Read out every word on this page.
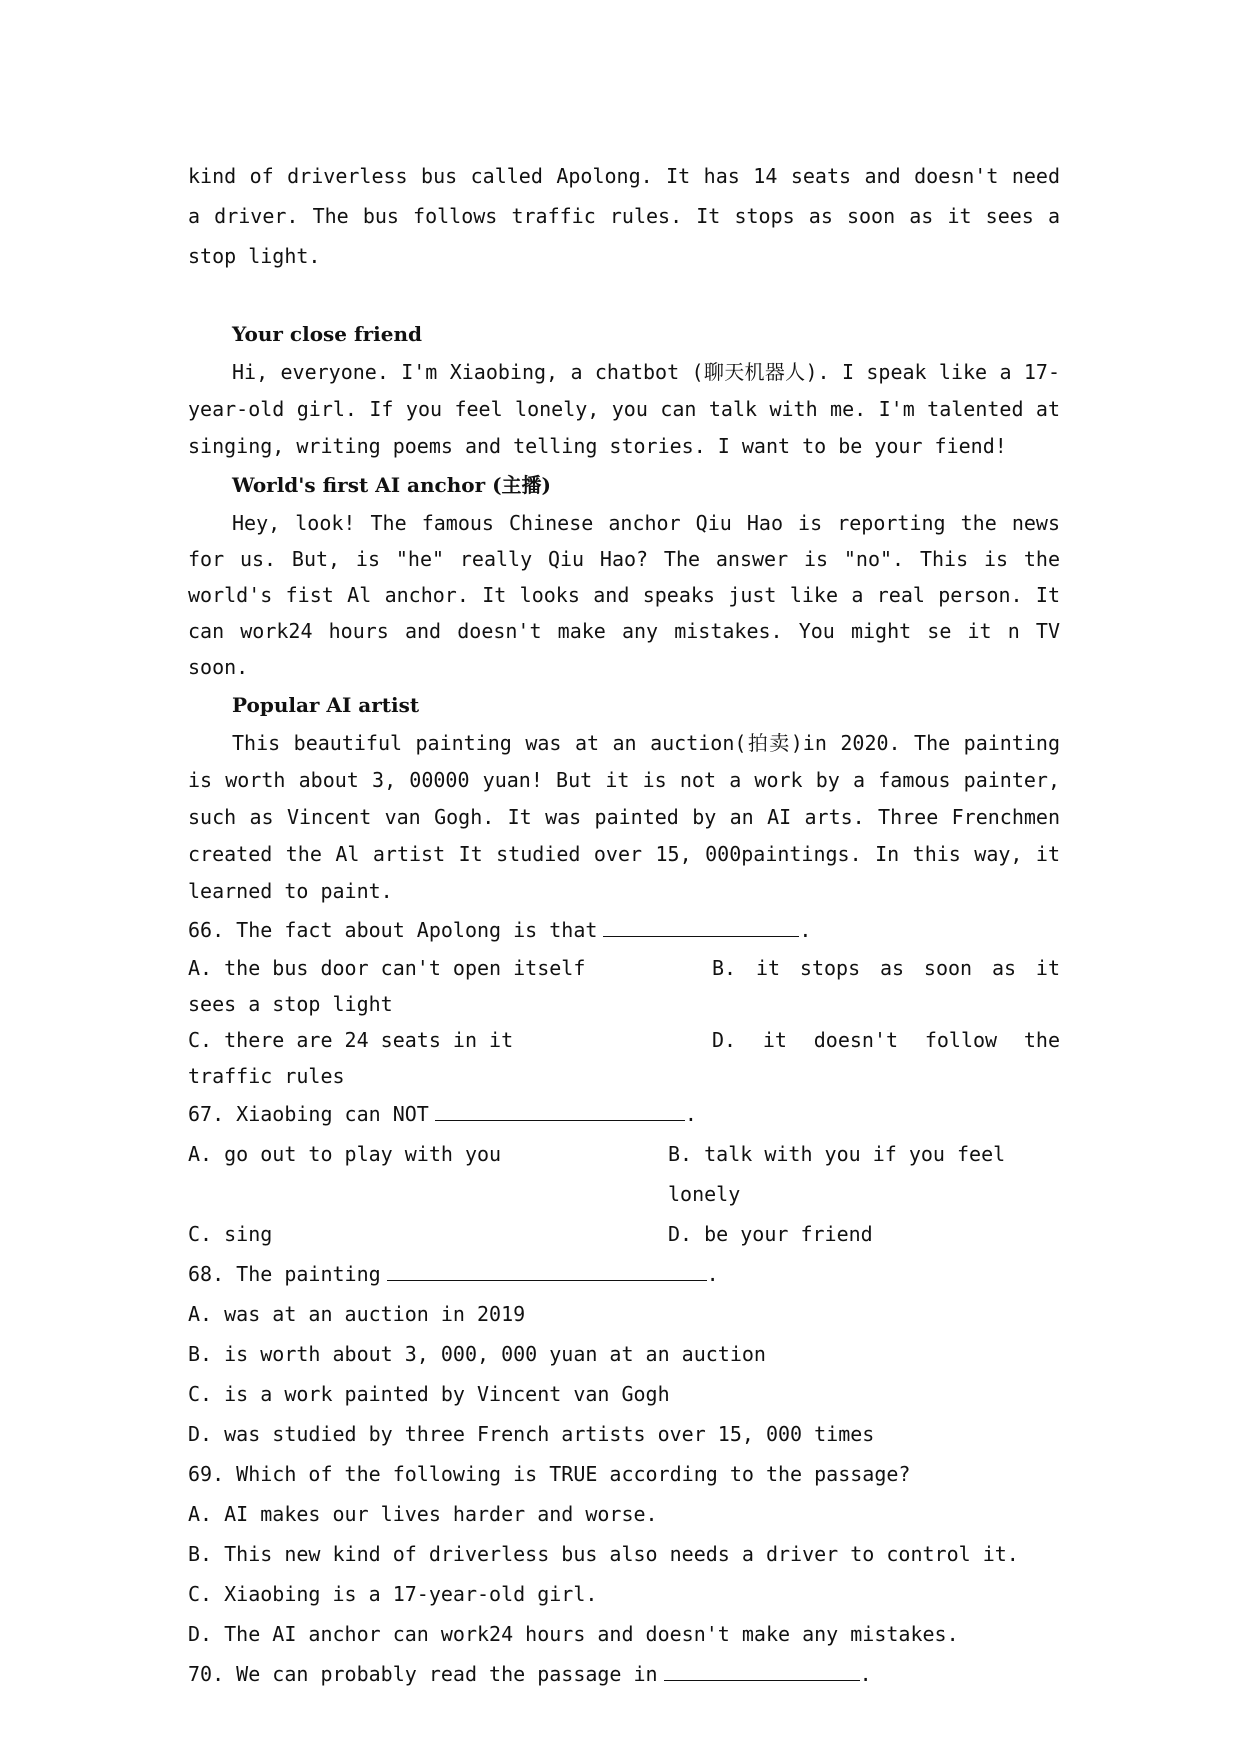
kind of driverless bus called Apolong. It has 14 seats and doesn't need a driver. The bus follows traffic rules. It stops as soon as it sees a stop light.

Your close friend

Hi, everyone. I'm Xiaobing, a chatbot (聊天机器人). I speak like a 17-year-old girl. If you feel lonely, you can talk with me. I'm talented at singing, writing poems and telling stories. I want to be your fiend!

World's first AI anchor (主播)

Hey, look! The famous Chinese anchor Qiu Hao is reporting the news for us. But, is "he" really Qiu Hao? The answer is "no". This is the world's fist Al anchor. It looks and speaks just like a real person. It can work24 hours and doesn't make any mistakes. You might se it n TV soon.

Popular AI artist

This beautiful painting was at an auction(拍卖)in 2020. The painting is worth about 3, 00000 yuan! But it is not a work by a famous painter, such as Vincent van Gogh. It was painted by an AI arts. Three Frenchmen created the Al artist It studied over 15, 000paintings. In this way, it learned to paint.

66. The fact about Apolong is that	.

A. the bus door can't open itself	B. it stops as soon as it sees a stop light

C. there are 24 seats in it	D. it doesn't follow the traffic rules

67. Xiaobing can NOT	.

A. go out to play with you	B. talk with you if you feel lonely
C. sing	D. be your friend

68. The painting	.

A. was at an auction in 2019

B. is worth about 3, 000, 000 yuan at an auction

C. is a work painted by Vincent van Gogh

D. was studied by three French artists over 15, 000 times

69. Which of the following is TRUE according to the passage?

A. AI makes our lives harder and worse.

B. This new kind of driverless bus also needs a driver to control it.

C. Xiaobing is a 17-year-old girl.

D. The AI anchor can work24 hours and doesn't make any mistakes.

70. We can probably read the passage in	.
